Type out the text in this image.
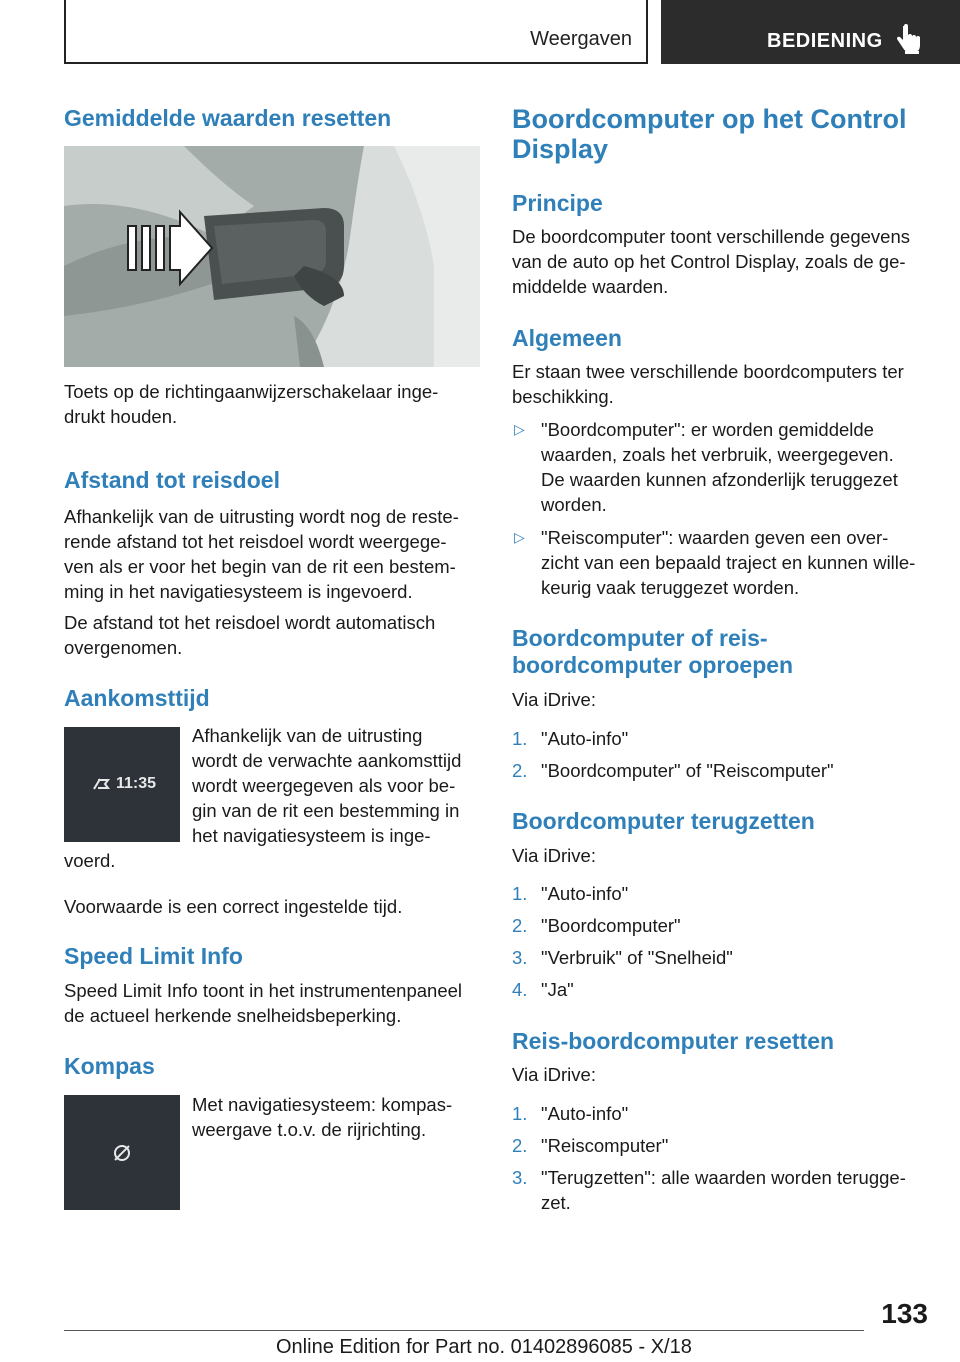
Weergaven	BEDIENING
Gemiddelde waarden resetten

Toets op de richtingaanwijzerschakelaar inge-

drukt houden.

Afstand tot reisdoel

Afhankelijk van de uitrusting wordt nog de reste-

rende afstand tot het reisdoel wordt weergege-

ven als er voor het begin van de rit een bestem-

ming in het navigatiesysteem is ingevoerd.

De afstand tot het reisdoel wordt automatisch

overgenomen.

Aankomsttijd
11:35

Afhankelijk van de uitrusting

wordt de verwachte aankomsttijd

wordt weergegeven als voor be-

gin van de rit een bestemming in

het navigatiesysteem is inge-

voerd.

Voorwaarde is een correct ingestelde tijd.

Speed Limit Info

Speed Limit Info toont in het instrumentenpaneel

de actueel herkende snelheidsbeperking.

Kompas

Met navigatiesysteem: kompas-

weergave t.o.v. de rijrichting.

Boordcomputer op het Control
Display
Principe

De boordcomputer toont verschillende gegevens

van de auto op het Control Display, zoals de ge-

middelde waarden.

Algemeen

Er staan twee verschillende boordcomputers ter

beschikking.

▷ "Boordcomputer": er worden gemiddelde
waarden, zoals het verbruik, weergegeven.
De waarden kunnen afzonderlijk teruggezet
worden.
▷ "Reiscomputer": waarden geven een over-
zicht van een bepaald traject en kunnen wille-
keurig vaak teruggezet worden.
Boordcomputer of reis-
boordcomputer oproepen

Via iDrive:

1. "Auto-info"
2. "Boordcomputer" of "Reiscomputer"
Boordcomputer terugzetten

Via iDrive:

1. "Auto-info"
2. "Boordcomputer"
3. "Verbruik" of "Snelheid"
4. "Ja"
Reis-boordcomputer resetten

Via iDrive:

1. "Auto-info"
2. "Reiscomputer"
3. "Terugzetten": alle waarden worden terugge-
zet.
133
Online Edition for Part no. 01402896085 - X/18
